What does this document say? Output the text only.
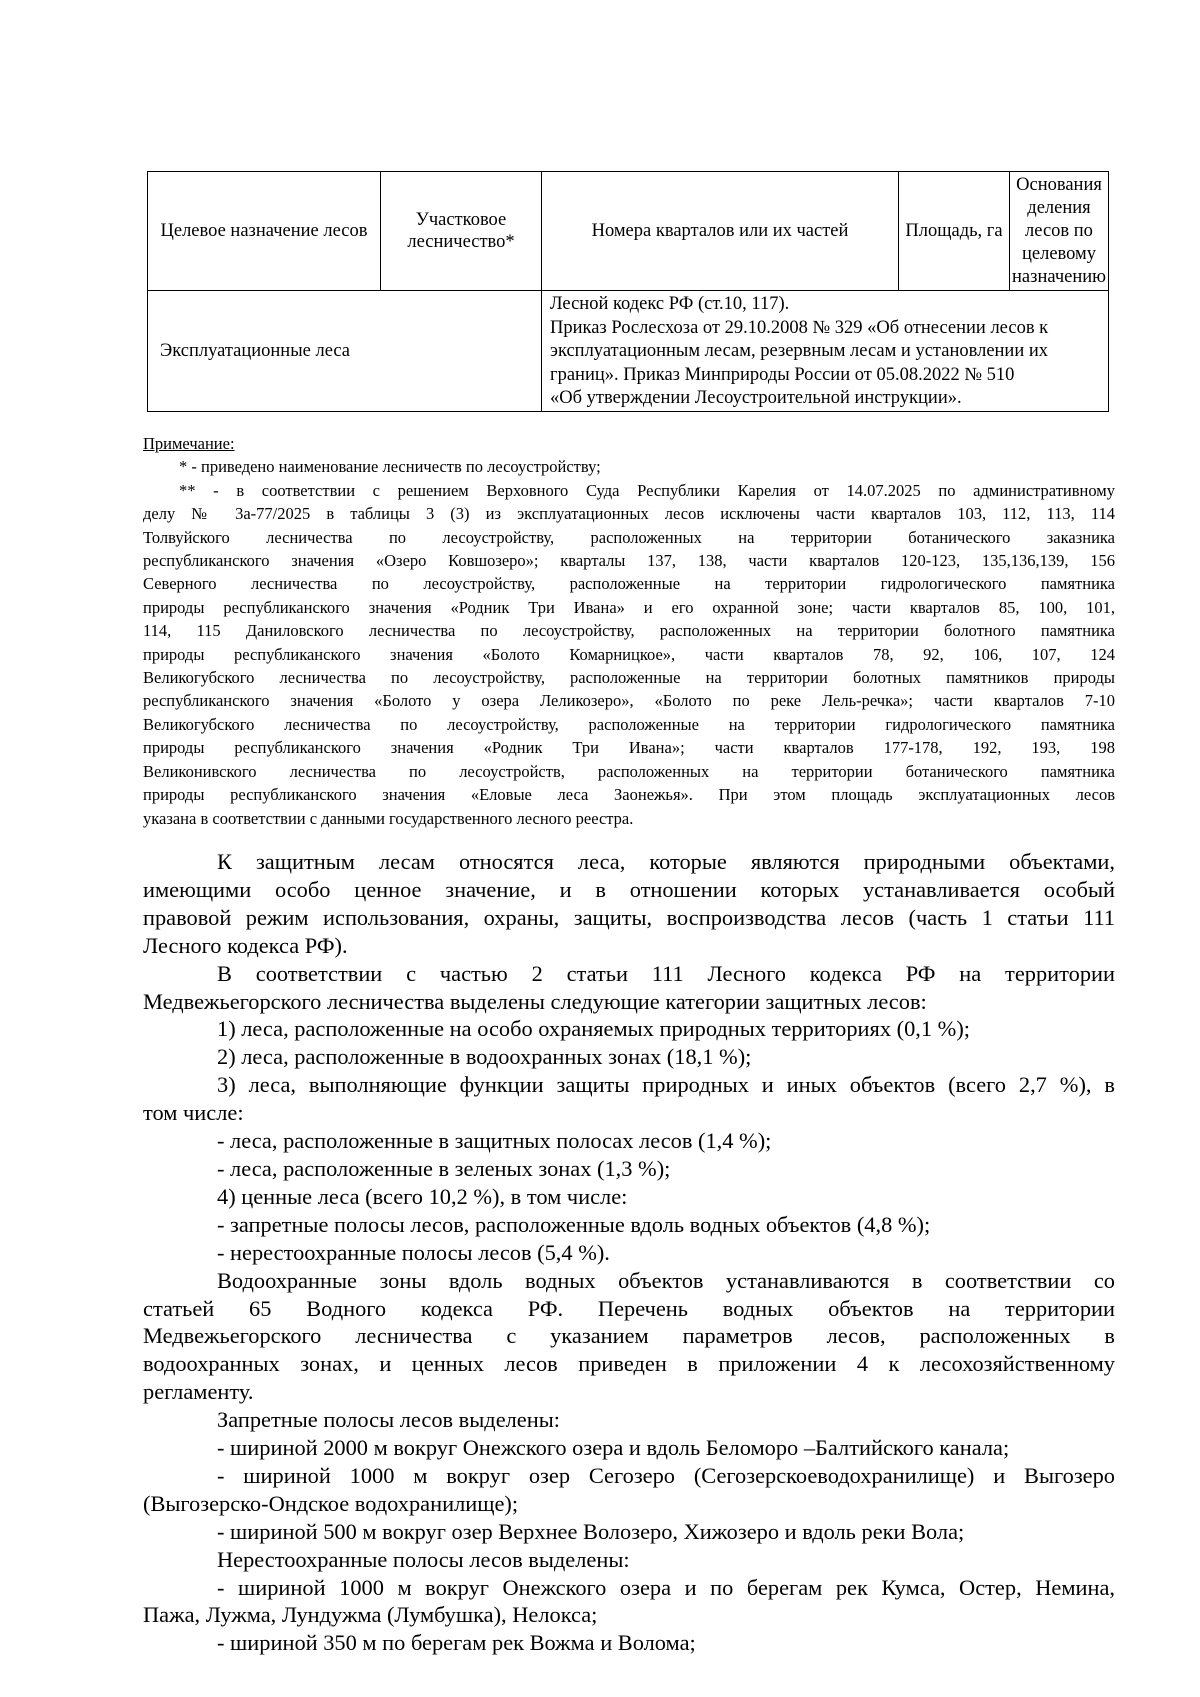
Целевое назначение лесов	Участковое лесничество*	Номера кварталов или их частей	Площадь, га	Основания деления лесов по целевому назначению
Эксплуатационные леса		Лесной кодекс РФ (ст.10, 117).
Приказ Рослесхоза от 29.10.2008 № 329 «Об отнесении лесов к
эксплуатационным лесам, резервным лесам и установлении их
границ». Приказ Минприроды России от 05.08.2022 № 510
«Об утверждении Лесоустроительной инструкции».		
Примечание:
* - приведено наименование лесничеств по лесоустройству;
** - в соответствии с решением Верховного Суда Республики Карелия от 14.07.2025 по административному
делу № 3а-77/2025 в таблицы 3 (3) из эксплуатационных лесов исключены части кварталов 103, 112, 113, 114
Толвуйского лесничества по лесоустройству, расположенных на территории ботанического заказника
республиканского значения «Озеро Ковшозеро»; кварталы 137, 138, части кварталов 120-123, 135,136,139, 156
Северного лесничества по лесоустройству, расположенные на территории гидрологического памятника
природы республиканского значения «Родник Три Ивана» и его охранной зоне; части кварталов 85, 100, 101,
114, 115 Даниловского лесничества по лесоустройству, расположенных на территории болотного памятника
природы республиканского значения «Болото Комарницкое», части кварталов 78, 92, 106, 107, 124
Великогубского лесничества по лесоустройству, расположенные на территории болотных памятников природы
республиканского значения «Болото у озера Леликозеро», «Болото по реке Лель-речка»; части кварталов 7-10
Великогубского лесничества по лесоустройству, расположенные на территории гидрологического памятника
природы республиканского значения «Родник Три Ивана»; части кварталов 177-178, 192, 193, 198
Великонивского лесничества по лесоустройств, расположенных на территории ботанического памятника
природы республиканского значения «Еловые леса Заонежья». При этом площадь эксплуатационных лесов
указана в соответствии с данными государственного лесного реестра.
К защитным лесам относятся леса, которые являются природными объектами,
имеющими особо ценное значение, и в отношении которых устанавливается особый
правовой режим использования, охраны, защиты, воспроизводства лесов (часть 1 статьи 111
Лесного кодекса РФ).
В соответствии с частью 2 статьи 111 Лесного кодекса РФ на территории
Медвежьегорского лесничества выделены следующие категории защитных лесов:
1) леса, расположенные на особо охраняемых природных территориях (0,1 %);
2) леса, расположенные в водоохранных зонах (18,1 %);
3) леса, выполняющие функции защиты природных и иных объектов (всего 2,7 %), в
том числе:
- леса, расположенные в защитных полосах лесов (1,4 %);
- леса, расположенные в зеленых зонах (1,3 %);
4) ценные леса (всего 10,2 %), в том числе:
- запретные полосы лесов, расположенные вдоль водных объектов (4,8 %);
- нерестоохранные полосы лесов (5,4 %).
Водоохранные зоны вдоль водных объектов устанавливаются в соответствии со
статьей 65 Водного кодекса РФ. Перечень водных объектов на территории
Медвежьегорского лесничества с указанием параметров лесов, расположенных в
водоохранных зонах, и ценных лесов приведен в приложении 4 к лесохозяйственному
регламенту.
Запретные полосы лесов выделены:
- шириной 2000 м вокруг Онежского озера и вдоль Беломоро –Балтийского канала;
- шириной 1000 м вокруг озер Сегозеро (Сегозерскоеводохранилище) и Выгозеро
(Выгозерско-Ондское водохранилище);
- шириной 500 м вокруг озер Верхнее Волозеро, Хижозеро и вдоль реки Вола;
Нерестоохранные полосы лесов выделены:
- шириной 1000 м вокруг Онежского озера и по берегам рек Кумса, Остер, Немина,
Пажа, Лужма, Лундужма (Лумбушка), Нелокса;
- шириной 350 м по берегам рек Вожма и Волома;
